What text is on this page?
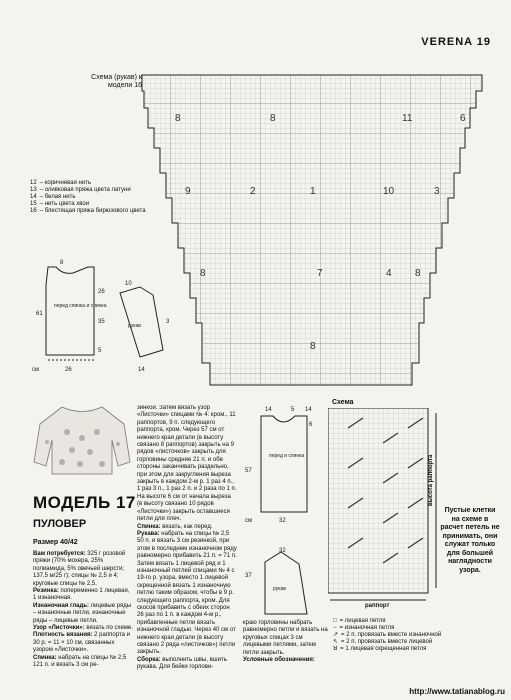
VERENA 19
Схема (рукав) к модели 16
8	8	11	6
9	2	1	10	3
8	7	4 8
8
12 – коричневая нить
13 – оливковая пряжа цвета латуни
14 – белая нить
15 – нить цвета хвои
16 – блестящая пряжа бирюзового цвета
8
26
61
35
5
26
см
10
14
3
перед спинка и спинка
рукав
МОДЕЛЬ 17
ПУЛОВЕР
Размер 40/42
Вам потребуется: 325 г розовой пряжи (70% мохера, 25% полиамида, 5% овечьей шерсти; 137,5 м/25 г); спицы № 2,5 и 4; круговые спицы № 2,5.
Резинка: попеременно 1 лицевая, 1 изнаночная.
Изнаночная гладь: лицевые ряды – изнаночные петли, изнаночные ряды – лицевые петли.
Узор «Листочки»: вязать по схеме.
Плотность вязания: 2 раппорта и 30 р. = 11 × 10 см, связанных узором «Листочки».
Спинка: набрать на спицы № 2,5 121 п. и вязать 3 см ре-
зинкой. Затем вязать узор «Листочки» спицами № 4: кром., 11 раппортов, 9 п. следующего раппорта, кром. Через 57 см от нижнего края детали (в высоту связано 8 раппортов) закрыть на 9 рядов «листочков» закрыть для горловины средние 21 п. и обе стороны заканчивать раздельно, при этом для закругления выреза закрыть в каждом 2-м р. 1 раз 4 п., 1 раз 3 п., 1 раз 2 п. и 2 раза по 1 п. На высоте 6 см от начала выреза (в высоту связано 10 рядов «Листочки») закрыть оставшиеся петли для плеч.
Спинка: вязать, как перед.
Рукава: набрать на спицы № 2,5 50 п. и вязать 3 см резинкой, при этом в последнем изнаночном ряду равномерно прибавить 21 п. = 71 п. Затем вязать 1 лицевой ряд и 1 изнаночный петлей спицами № 4 с 19-го р. узора, вместо 1 лицевой скрещенной вязать 1 изнаночную петлю таким образом, чтобы в 9 р. следующего раппорта, кром. Для скосов прибавить с обеих сторон 26 раз по 1 п. в каждом 4-м р., прибавленные петли вязать изнаночной гладью. Через 40 см от нижнего края детали (в высоту связано 2 ряда «листочков») петли закрыть.
Сборка: выполнить швы, вшить рукава. Для бейки горлови-
14	5 14
6
57
37
32
32
см
перед и спинка
рукав
Схема
высота раппорта
раппорт
Пустые клетки на схеме в расчет петель не принимать, они служат только для большей наглядности узора.
краю горловины набрать равномерно петли и вязать на круговых спицах 3 см лицевыми петлями, затем петли закрыть.
Условные обозначения:
□ = лицевая петля
− = изнаночная петля
↗ = 2 п. провязать вместе изнаночной
↖ = 2 п. провязать вместе лицевой
ꓤ = 1 лицевая скрещенная петля
http://www.tatianablog.ru
